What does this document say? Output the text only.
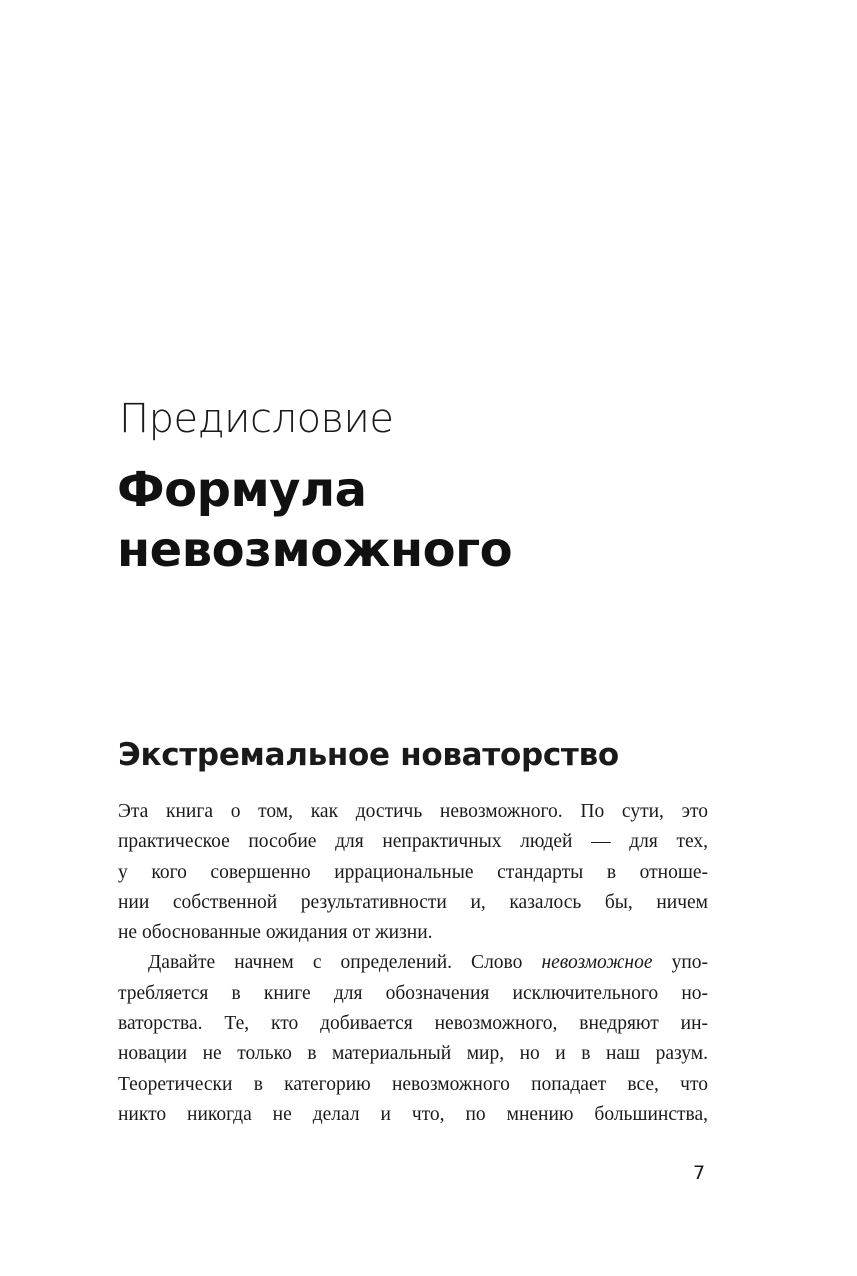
Предисловие
Формула
невозможного
Экстремальное новаторство

Эта книга о том, как достичь невозможного. По сути, это
практическое пособие для непрактичных людей — для тех,
у кого совершенно иррациональные стандарты в отноше-
нии собственной результативности и, казалось бы, ничем
не обоснованные ожидания от жизни.

Давайте начнем с определений. Слово невозможное упо-
требляется в книге для обозначения исключительного но-
ваторства. Те, кто добивается невозможного, внедряют ин-
новации не только в материальный мир, но и в наш разум.
Теоретически в категорию невозможного попадает все, что
никто никогда не делал и что, по мнению большинства,

7
